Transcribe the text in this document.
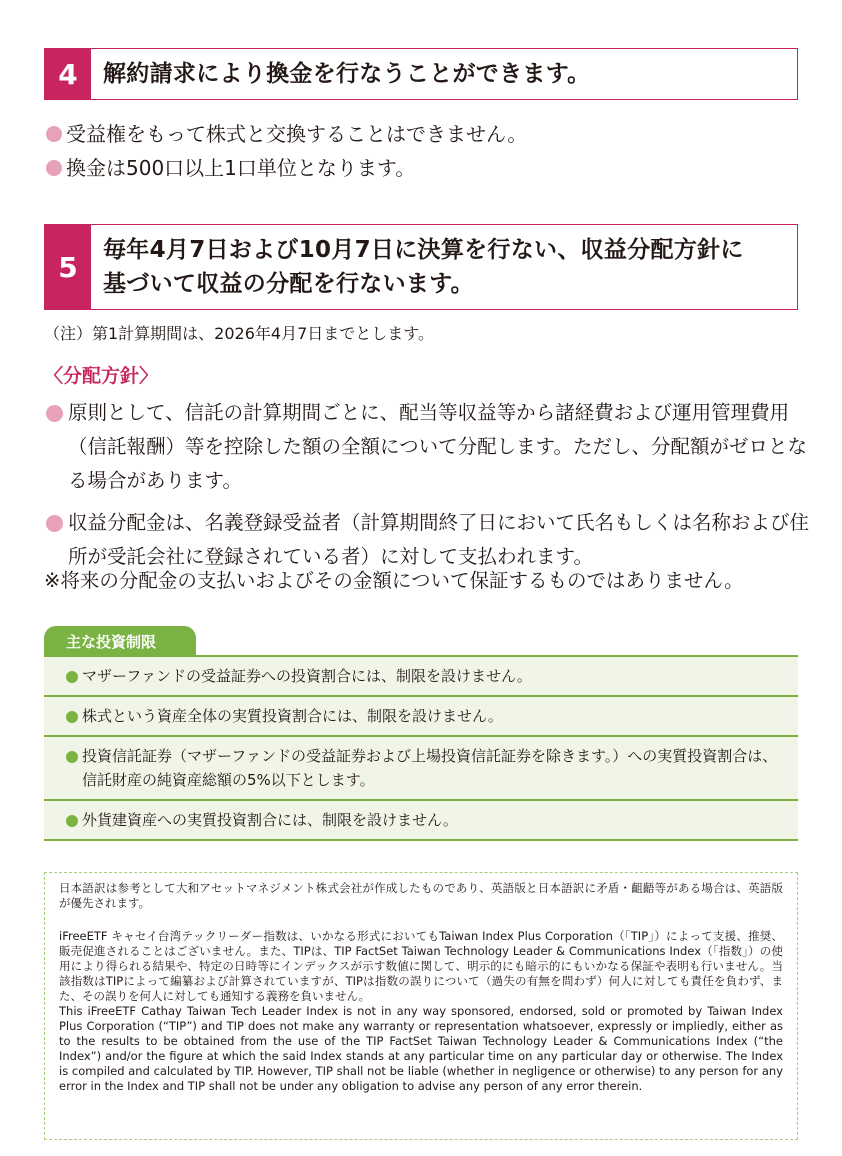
4	解約請求により換金を行なうことができます。
受益権をもって株式と交換することはできません。
換金は500口以上1口単位となります。
5
毎年4月7日および10月7日に決算を行ない、収益分配方針に
基づいて収益の分配を行ないます。
（注）第1計算期間は、2026年4月7日までとします。
〈分配方針〉
原則として、信託の計算期間ごとに、配当等収益等から諸経費および運用管理費用（信託報酬）等を控除した額の全額について分配します。ただし、分配額がゼロとなる場合があります。
収益分配金は、名義登録受益者（計算期間終了日において氏名もしくは名称および住所が受託会社に登録されている者）に対して支払われます。
※将来の分配金の支払いおよびその金額について保証するものではありません。
主な投資制限
マザーファンドの受益証券への投資割合には、制限を設けません。
株式という資産全体の実質投資割合には、制限を設けません。
投資信託証券（マザーファンドの受益証券および上場投資信託証券を除きます。）への実質投資割合は、信託財産の純資産総額の5%以下とします。
外貨建資産への実質投資割合には、制限を設けません。

日本語訳は参考として大和アセットマネジメント株式会社が作成したものであり、英語版と日本語訳に矛盾・齟齬等がある場合は、英語版が優先されます。

iFreeETF キャセイ台湾テックリーダー指数は、いかなる形式においてもTaiwan Index Plus Corporation（「TIP」）によって支援、推奨、販売促進されることはございません。また、TIPは、TIP FactSet Taiwan Technology Leader & Communications Index（「指数」）の使用により得られる結果や、特定の日時等にインデックスが示す数値に関して、明示的にも暗示的にもいかなる保証や表明も行いません。当該指数はTIPによって編纂および計算されていますが、TIPは指数の誤りについて（過失の有無を問わず）何人に対しても責任を負わず、また、その誤りを何人に対しても通知する義務を負いません。

This iFreeETF Cathay Taiwan Tech Leader Index is not in any way sponsored, endorsed, sold or promoted by Taiwan Index Plus Corporation (“TIP”) and TIP does not make any warranty or representation whatsoever, expressly or impliedly, either as to the results to be obtained from the use of the TIP FactSet Taiwan Technology Leader & Communications Index (“the Index”) and/or the figure at which the said Index stands at any particular time on any particular day or otherwise. The Index is compiled and calculated by TIP. However, TIP shall not be liable (whether in negligence or otherwise) to any person for any error in the Index and TIP shall not be under any obligation to advise any person of any error therein.
